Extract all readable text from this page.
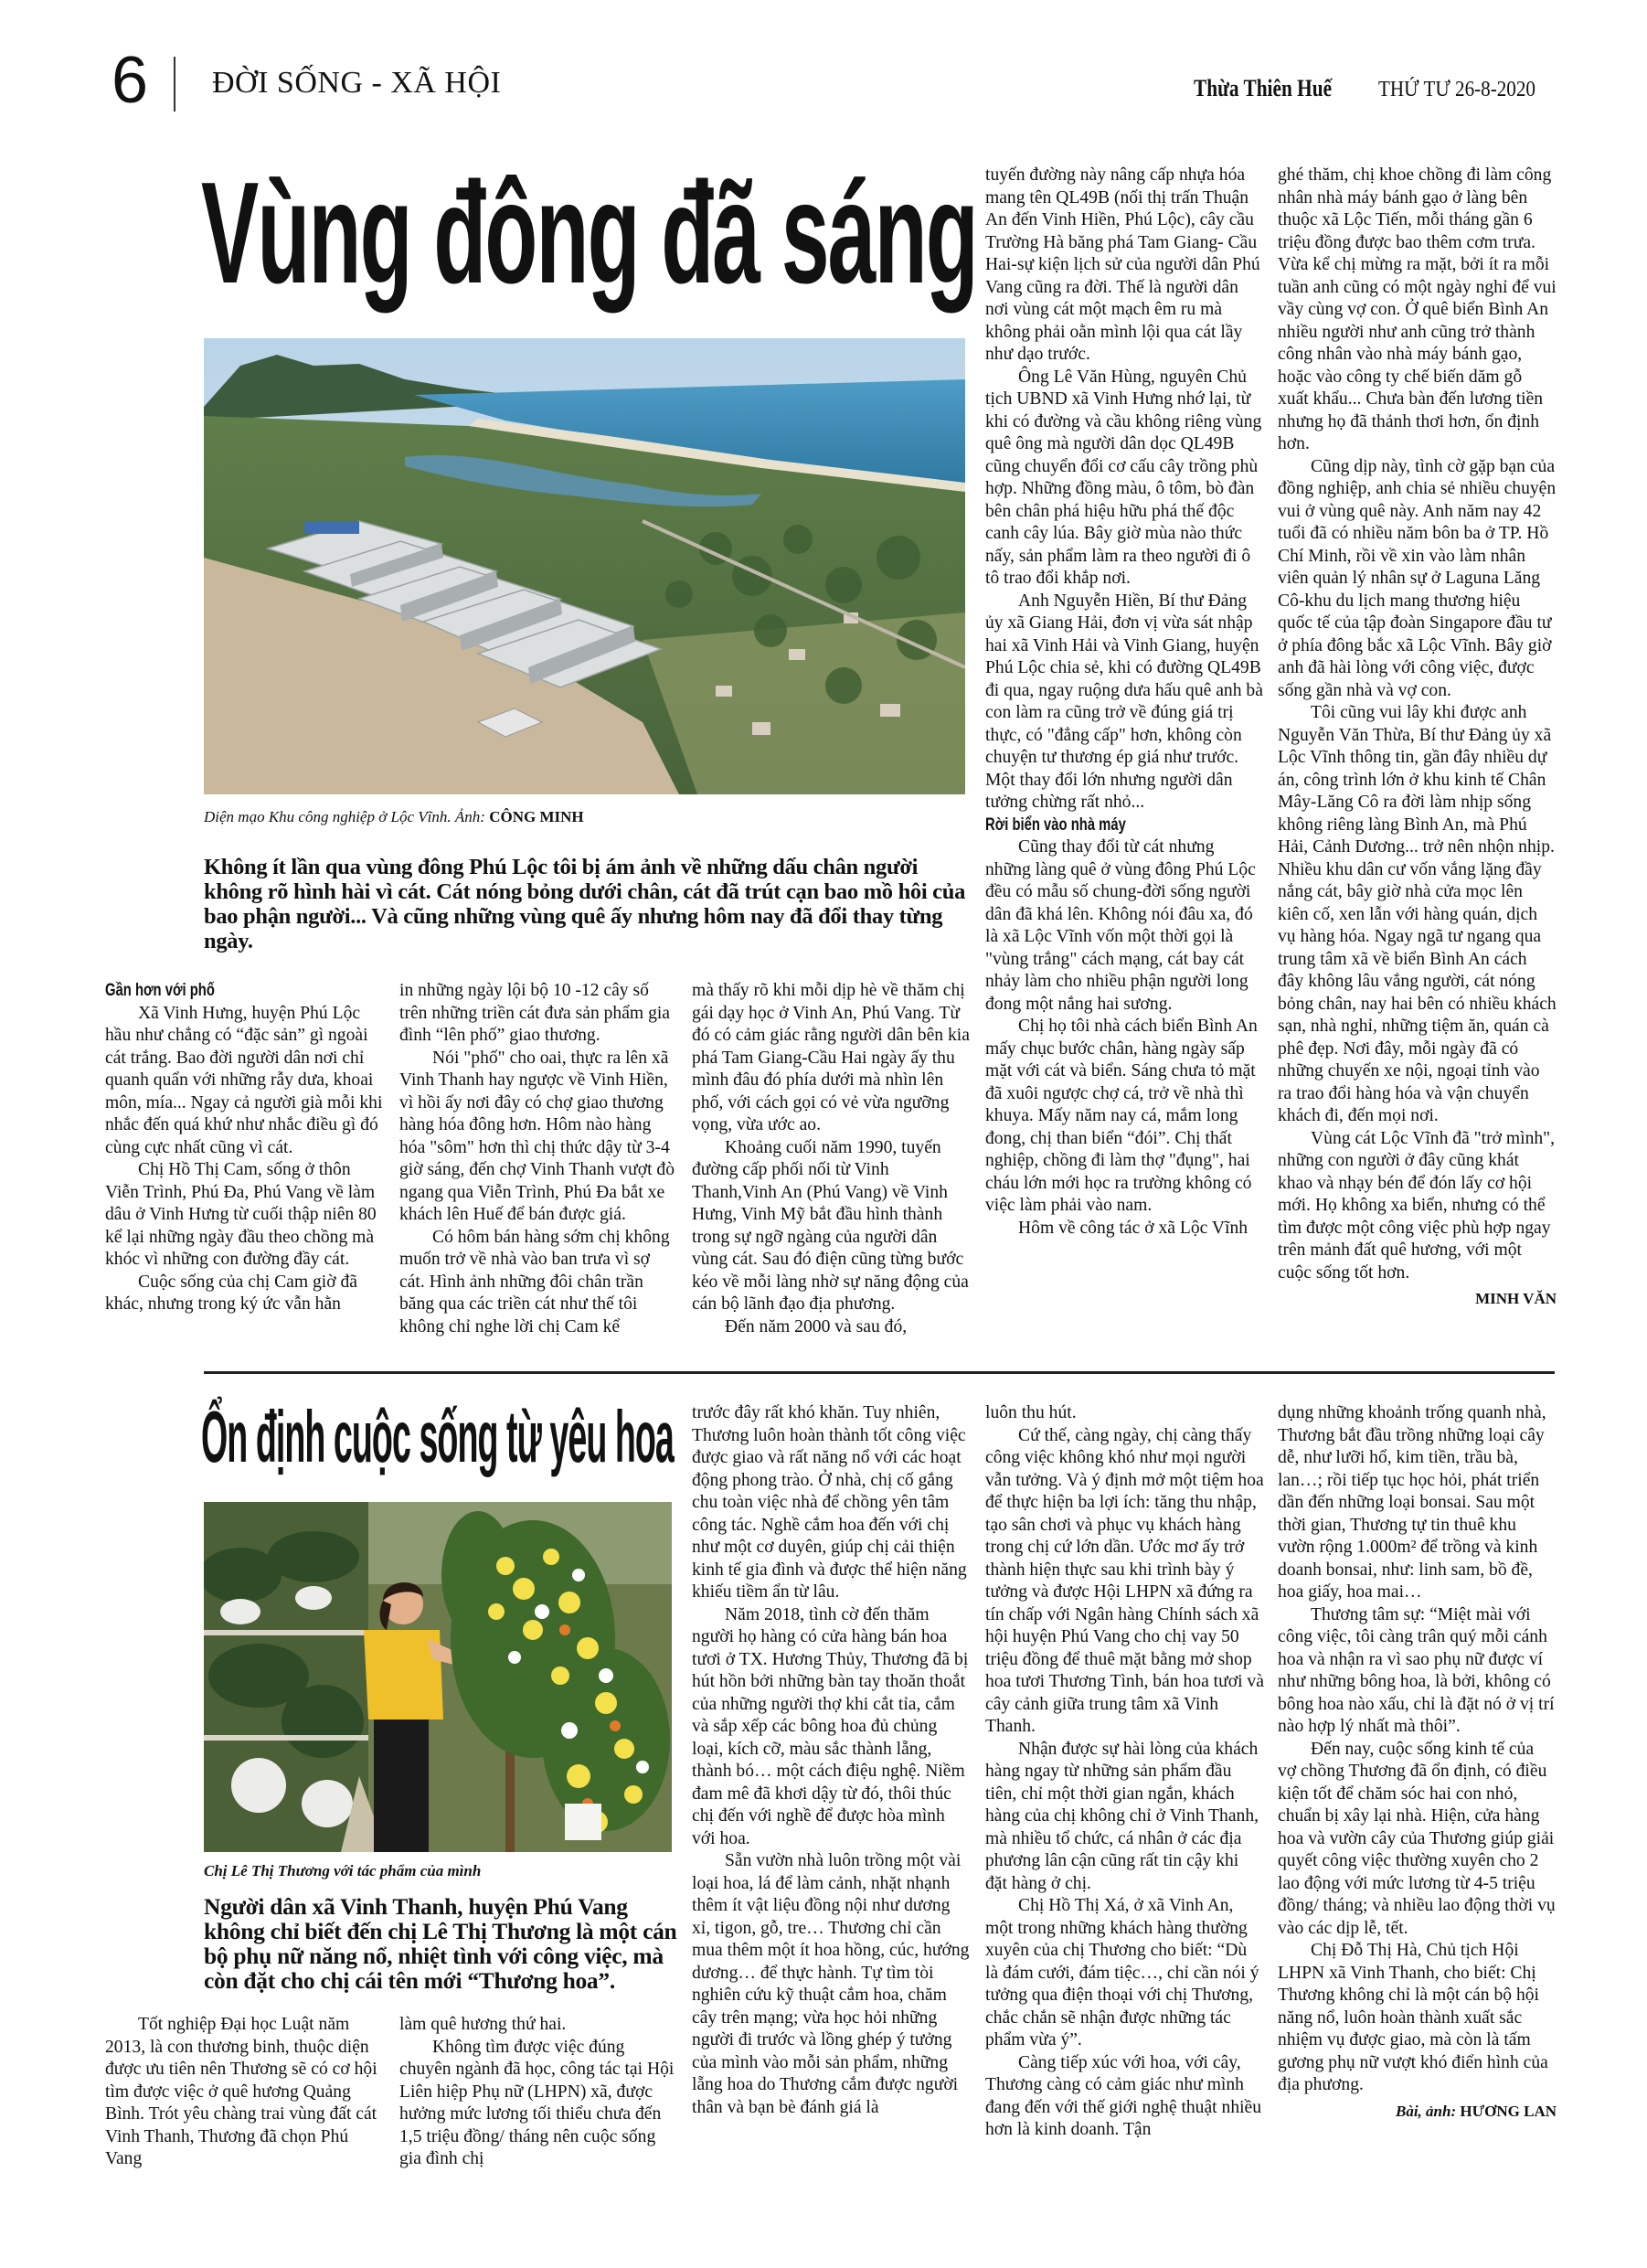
6 ĐỜI SỐNG - XÃ HỘI	Thừa Thiên Huế THỨ TƯ 26-8-2020
Vùng đông đã sáng
Diện mạo Khu công nghiệp ở Lộc Vĩnh. Ảnh: CÔNG MINH
Không ít lần qua vùng đông Phú Lộc tôi bị ám ảnh về những dấu chân người không rõ hình hài vì cát. Cát nóng bỏng dưới chân, cát đã trút cạn bao mồ hôi của bao phận người... Và cũng những vùng quê ấy nhưng hôm nay đã đổi thay từng ngày.
Gần hơn với phố

Xã Vinh Hưng, huyện Phú Lộc hầu như chẳng có “đặc sản” gì ngoài cát trắng. Bao đời người dân nơi chỉ quanh quẩn với những rẫy dưa, khoai môn, mía... Ngay cả người già mỗi khi nhắc đến quá khứ như nhắc điều gì đó cùng cực nhất cũng vì cát.

Chị Hồ Thị Cam, sống ở thôn Viễn Trình, Phú Đa, Phú Vang về làm dâu ở Vinh Hưng từ cuối thập niên 80 kể lại những ngày đầu theo chồng mà khóc vì những con đường đầy cát.

Cuộc sống của chị Cam giờ đã khác, nhưng trong ký ức vẫn hằn

in những ngày lội bộ 10 -12 cây số trên những triền cát đưa sản phẩm gia đình “lên phố” giao thương.

Nói "phố" cho oai, thực ra lên xã Vinh Thanh hay ngược về Vinh Hiền, vì hồi ấy nơi đây có chợ giao thương hàng hóa đông hơn. Hôm nào hàng hóa "sôm" hơn thì chị thức dậy từ 3-4 giờ sáng, đến chợ Vinh Thanh vượt đò ngang qua Viễn Trình, Phú Đa bắt xe khách lên Huế để bán được giá.

Có hôm bán hàng sớm chị không muốn trở về nhà vào ban trưa vì sợ cát. Hình ảnh những đôi chân trần băng qua các triền cát như thế tôi không chỉ nghe lời chị Cam kể

mà thấy rõ khi mỗi dịp hè về thăm chị gái dạy học ở Vinh An, Phú Vang. Từ đó có cảm giác rằng người dân bên kia phá Tam Giang-Cầu Hai ngày ấy thu mình đâu đó phía dưới mà nhìn lên phố, với cách gọi có vẻ vừa ngưỡng vọng, vừa ước ao.

Khoảng cuối năm 1990, tuyến đường cấp phối nối từ Vinh Thanh,Vinh An (Phú Vang) về Vinh Hưng, Vinh Mỹ bắt đầu hình thành trong sự ngỡ ngàng của người dân vùng cát. Sau đó điện cũng từng bước kéo về mỗi làng nhờ sự năng động của cán bộ lãnh đạo địa phương.

Đến năm 2000 và sau đó,

tuyến đường này nâng cấp nhựa hóa mang tên QL49B (nối thị trấn Thuận An đến Vinh Hiền, Phú Lộc), cây cầu Trường Hà băng phá Tam Giang- Cầu Hai-sự kiện lịch sử của người dân Phú Vang cũng ra đời. Thế là người dân nơi vùng cát một mạch êm ru mà không phải oằn mình lội qua cát lầy như dạo trước.

Ông Lê Văn Hùng, nguyên Chủ tịch UBND xã Vinh Hưng nhớ lại, từ khi có đường và cầu không riêng vùng quê ông mà người dân dọc QL49B cũng chuyển đổi cơ cấu cây trồng phù hợp. Những đồng màu, ô tôm, bò đàn bên chân phá hiệu hữu phá thế độc canh cây lúa. Bây giờ mùa nào thức nấy, sản phẩm làm ra theo người đi ô tô trao đổi khắp nơi.

Anh Nguyễn Hiền, Bí thư Đảng ủy xã Giang Hải, đơn vị vừa sát nhập hai xã Vinh Hải và Vinh Giang, huyện Phú Lộc chia sẻ, khi có đường QL49B đi qua, ngay ruộng dưa hấu quê anh bà con làm ra cũng trở về đúng giá trị thực, có "đẳng cấp" hơn, không còn chuyện tư thương ép giá như trước. Một thay đổi lớn nhưng người dân tưởng chừng rất nhỏ...

Rời biển vào nhà máy

Cũng thay đổi từ cát nhưng những làng quê ở vùng đông Phú Lộc đều có mẫu số chung-đời sống người dân đã khá lên. Không nói đâu xa, đó là xã Lộc Vĩnh vốn một thời gọi là "vùng trắng" cách mạng, cát bay cát nhảy làm cho nhiều phận người long đong một nắng hai sương.

Chị họ tôi nhà cách biển Bình An mấy chục bước chân, hàng ngày sấp mặt với cát và biển. Sáng chưa tỏ mặt đã xuôi ngược chợ cá, trở về nhà thì khuya. Mấy năm nay cá, mắm long đong, chị than biển “đói”. Chị thất nghiệp, chồng đi làm thợ "đụng", hai cháu lớn mới học ra trường không có việc làm phải vào nam.

Hôm về công tác ở xã Lộc Vĩnh

ghé thăm, chị khoe chồng đi làm công nhân nhà máy bánh gạo ở làng bên thuộc xã Lộc Tiến, mỗi tháng gần 6 triệu đồng được bao thêm cơm trưa. Vừa kể chị mừng ra mặt, bởi ít ra mỗi tuần anh cũng có một ngày nghỉ để vui vầy cùng vợ con. Ở quê biển Bình An nhiều người như anh cũng trở thành công nhân vào nhà máy bánh gạo, hoặc vào công ty chế biến dăm gỗ xuất khẩu... Chưa bàn đến lương tiền nhưng họ đã thảnh thơi hơn, ổn định hơn.

Cũng dịp này, tình cờ gặp bạn của đồng nghiệp, anh chia sẻ nhiều chuyện vui ở vùng quê này. Anh năm nay 42 tuổi đã có nhiều năm bôn ba ở TP. Hồ Chí Minh, rồi về xin vào làm nhân viên quản lý nhân sự ở Laguna Lăng Cô-khu du lịch mang thương hiệu quốc tế của tập đoàn Singapore đầu tư ở phía đông bắc xã Lộc Vĩnh. Bây giờ anh đã hài lòng với công việc, được sống gần nhà và vợ con.

Tôi cũng vui lây khi được anh Nguyễn Văn Thừa, Bí thư Đảng ủy xã Lộc Vĩnh thông tin, gần đây nhiều dự án, công trình lớn ở khu kinh tế Chân Mây-Lăng Cô ra đời làm nhịp sống không riêng làng Bình An, mà Phú Hải, Cảnh Dương... trở nên nhộn nhịp. Nhiều khu dân cư vốn vắng lặng đầy nắng cát, bây giờ nhà cửa mọc lên kiên cố, xen lẫn với hàng quán, dịch vụ hàng hóa. Ngay ngã tư ngang qua trung tâm xã về biển Bình An cách đây không lâu vắng người, cát nóng bỏng chân, nay hai bên có nhiều khách sạn, nhà nghỉ, những tiệm ăn, quán cà phê đẹp. Nơi đây, mỗi ngày đã có những chuyến xe nội, ngoại tỉnh vào ra trao đổi hàng hóa và vận chuyển khách đi, đến mọi nơi.

Vùng cát Lộc Vĩnh đã "trở mình", những con người ở đây cũng khát khao và nhạy bén để đón lấy cơ hội mới. Họ không xa biển, nhưng có thể tìm được một công việc phù hợp ngay trên mảnh đất quê hương, với một cuộc sống tốt hơn.

MINH VĂN
Ổn định cuộc sống từ yêu hoa
Chị Lê Thị Thương với tác phẩm của mình
Người dân xã Vinh Thanh, huyện Phú Vang không chỉ biết đến chị Lê Thị Thương là một cán bộ phụ nữ năng nổ, nhiệt tình với công việc, mà còn đặt cho chị cái tên mới “Thương hoa”.

Tốt nghiệp Đại học Luật năm 2013, là con thương binh, thuộc diện được ưu tiên nên Thương sẽ có cơ hội tìm được việc ở quê hương Quảng Bình. Trót yêu chàng trai vùng đất cát Vinh Thanh, Thương đã chọn Phú Vang

làm quê hương thứ hai.

Không tìm được việc đúng chuyên ngành đã học, công tác tại Hội Liên hiệp Phụ nữ (LHPN) xã, được hưởng mức lương tối thiểu chưa đến 1,5 triệu đồng/ tháng nên cuộc sống gia đình chị

trước đây rất khó khăn. Tuy nhiên, Thương luôn hoàn thành tốt công việc được giao và rất năng nổ với các hoạt động phong trào. Ở nhà, chị cố gắng chu toàn việc nhà để chồng yên tâm công tác. Nghề cắm hoa đến với chị như một cơ duyên, giúp chị cải thiện kinh tế gia đình và được thể hiện năng khiếu tiềm ẩn từ lâu.

Năm 2018, tình cờ đến thăm người họ hàng có cửa hàng bán hoa tươi ở TX. Hương Thủy, Thương đã bị hút hồn bởi những bàn tay thoăn thoắt của những người thợ khi cắt tỉa, cắm và sắp xếp các bông hoa đủ chủng loại, kích cỡ, màu sắc thành lẵng, thành bó… một cách điệu nghệ. Niềm đam mê đã khơi dậy từ đó, thôi thúc chị đến với nghề để được hòa mình với hoa.

Sẵn vườn nhà luôn trồng một vài loại hoa, lá để làm cảnh, nhặt nhạnh thêm ít vật liệu đồng nội như dương xỉ, tigon, gỗ, tre… Thương chỉ cần mua thêm một ít hoa hồng, cúc, hướng dương… để thực hành. Tự tìm tòi nghiên cứu kỹ thuật cắm hoa, chăm cây trên mạng; vừa học hỏi những người đi trước và lồng ghép ý tưởng của mình vào mỗi sản phẩm, những lẵng hoa do Thương cắm được người thân và bạn bè đánh giá là

luôn thu hút.

Cứ thế, càng ngày, chị càng thấy công việc không khó như mọi người vẫn tưởng. Và ý định mở một tiệm hoa để thực hiện ba lợi ích: tăng thu nhập, tạo sân chơi và phục vụ khách hàng trong chị cứ lớn dần. Ước mơ ấy trở thành hiện thực sau khi trình bày ý tưởng và được Hội LHPN xã đứng ra tín chấp với Ngân hàng Chính sách xã hội huyện Phú Vang cho chị vay 50 triệu đồng để thuê mặt bằng mở shop hoa tươi Thương Tình, bán hoa tươi và cây cảnh giữa trung tâm xã Vinh Thanh.

Nhận được sự hài lòng của khách hàng ngay từ những sản phẩm đầu tiên, chỉ một thời gian ngắn, khách hàng của chị không chỉ ở Vinh Thanh, mà nhiều tổ chức, cá nhân ở các địa phương lân cận cũng rất tin cậy khi đặt hàng ở chị.

Chị Hồ Thị Xá, ở xã Vinh An, một trong những khách hàng thường xuyên của chị Thương cho biết: “Dù là đám cưới, đám tiệc…, chỉ cần nói ý tưởng qua điện thoại với chị Thương, chắc chắn sẽ nhận được những tác phẩm vừa ý”.

Càng tiếp xúc với hoa, với cây, Thương càng có cảm giác như mình đang đến với thế giới nghệ thuật nhiều hơn là kinh doanh. Tận

dụng những khoảnh trống quanh nhà, Thương bắt đầu trồng những loại cây dễ, như lưỡi hổ, kim tiền, trầu bà, lan…; rồi tiếp tục học hỏi, phát triển dần đến những loại bonsai. Sau một thời gian, Thương tự tin thuê khu vườn rộng 1.000m² để trồng và kinh doanh bonsai, như: linh sam, bồ đề, hoa giấy, hoa mai…

Thương tâm sự: “Miệt mài với công việc, tôi càng trân quý mỗi cánh hoa và nhận ra vì sao phụ nữ được ví như những bông hoa, là bởi, không có bông hoa nào xấu, chỉ là đặt nó ở vị trí nào hợp lý nhất mà thôi”.

Đến nay, cuộc sống kinh tế của vợ chồng Thương đã ổn định, có điều kiện tốt để chăm sóc hai con nhỏ, chuẩn bị xây lại nhà. Hiện, cửa hàng hoa và vườn cây của Thương giúp giải quyết công việc thường xuyên cho 2 lao động với mức lương từ 4-5 triệu đồng/ tháng; và nhiều lao động thời vụ vào các dịp lễ, tết.

Chị Đỗ Thị Hà, Chủ tịch Hội LHPN xã Vinh Thanh, cho biết: Chị Thương không chỉ là một cán bộ hội năng nổ, luôn hoàn thành xuất sắc nhiệm vụ được giao, mà còn là tấm gương phụ nữ vượt khó điển hình của địa phương.

Bài, ảnh: HƯƠNG LAN
